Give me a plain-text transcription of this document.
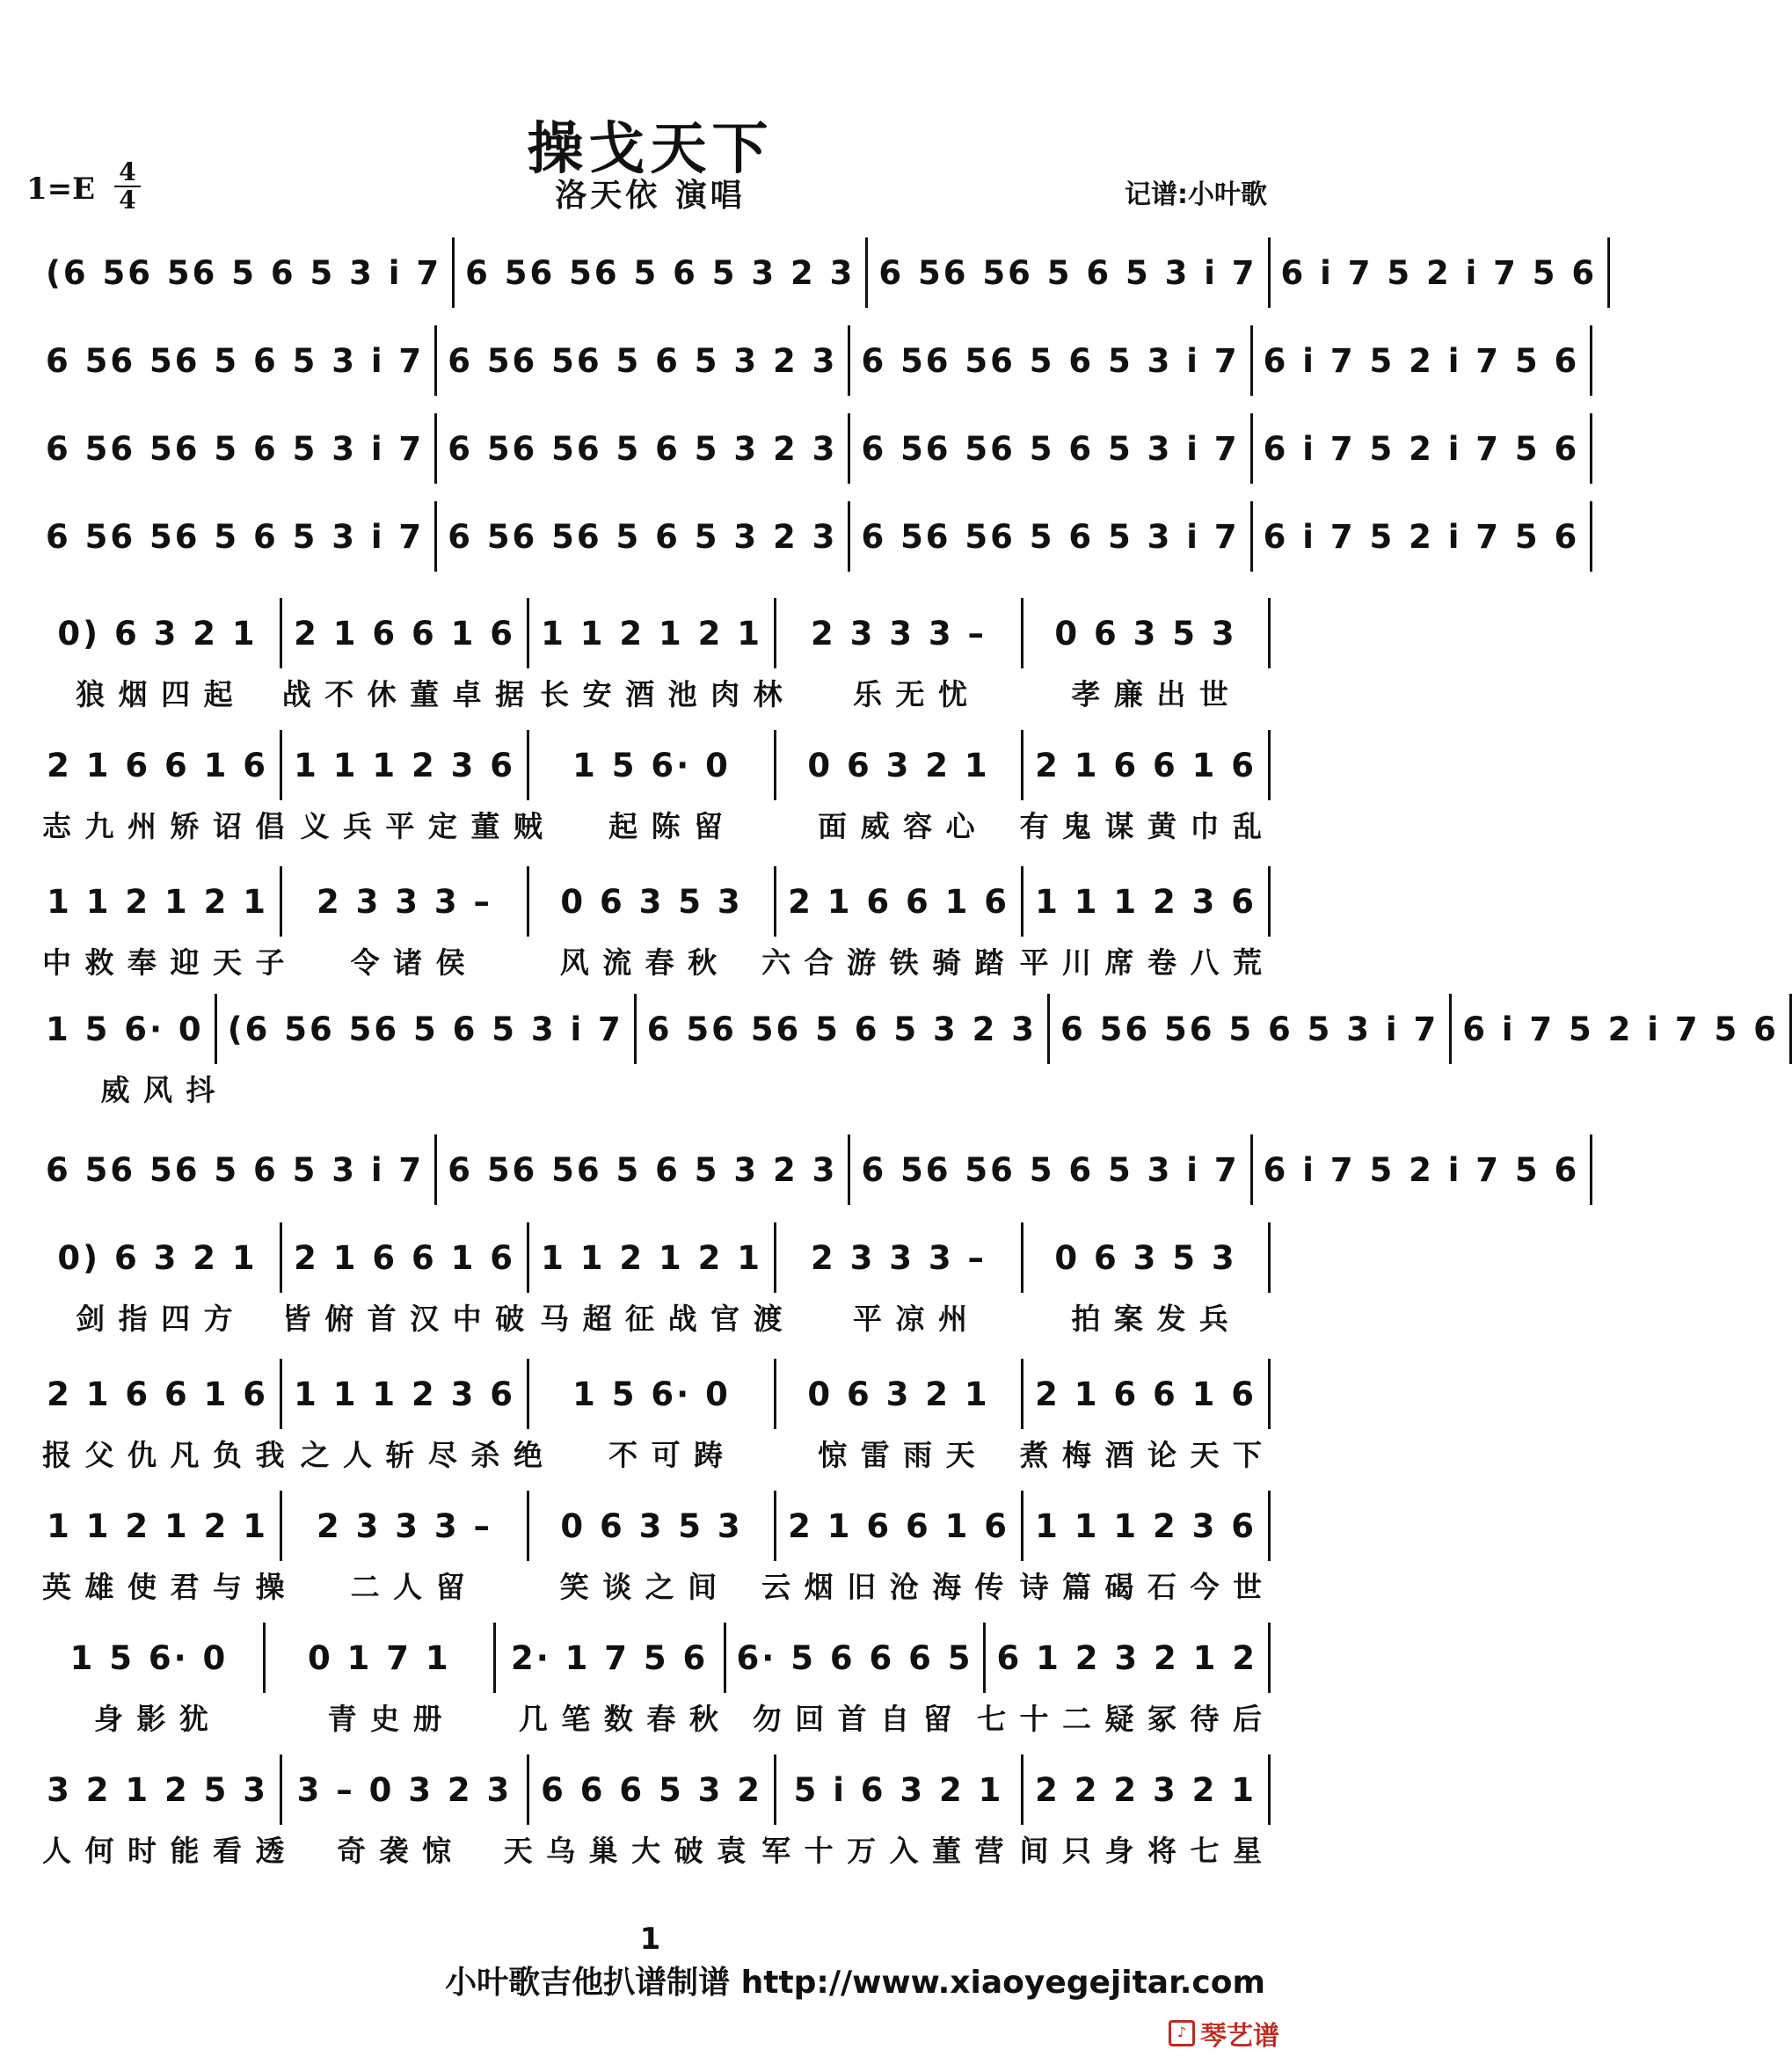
操戈天下
1=E 4
4	洛天依 演唱	记谱:小叶歌
(6 56 56 5 6 5 3 i 7 6 56 56 5 6 5 3 2 3 6 56 56 5 6 5 3 i 7 6 i 7 5 2 i 7 5 6
6 56 56 5 6 5 3 i 7 6 56 56 5 6 5 3 2 3 6 56 56 5 6 5 3 i 7 6 i 7 5 2 i 7 5 6
6 56 56 5 6 5 3 i 7 6 56 56 5 6 5 3 2 3 6 56 56 5 6 5 3 i 7 6 i 7 5 2 i 7 5 6
6 56 56 5 6 5 3 i 7 6 56 56 5 6 5 3 2 3 6 56 56 5 6 5 3 i 7 6 i 7 5 2 i 7 5 6
0) 6 3 2 1 2 1 6 6 1 6 1 1 2 1 2 1 2 3 3 3 – 0 6 3 5 3
狼 烟 四 起	战 不 休 董 卓 据 长 安 酒 池 肉 林	乐 无 忧	孝 廉 出 世
2 1 6 6 1 6 1 1 1 2 3 6 1 5 6· 0 0 6 3 2 1 2 1 6 6 1 6
志 九 州 矫 诏 倡 义 兵 平 定 董 贼	起 陈 留	面 威 容 心	有 鬼 谋 黄 巾 乱
1 1 2 1 2 1 2 3 3 3 – 0 6 3 5 3 2 1 6 6 1 6 1 1 1 2 3 6
中 救 奉 迎 天 子	令 诸 侯	风 流 春 秋	六 合 游 铁 骑 踏 平 川 席 卷 八 荒
1 5 6· 0 (6 56 56 5 6 5 3 i 7 6 56 56 5 6 5 3 2 3 6 56 56 5 6 5 3 i 7 6 i 7 5 2 i 7 5 6
威 风 抖
6 56 56 5 6 5 3 i 7 6 56 56 5 6 5 3 2 3 6 56 56 5 6 5 3 i 7 6 i 7 5 2 i 7 5 6
0) 6 3 2 1 2 1 6 6 1 6 1 1 2 1 2 1 2 3 3 3 – 0 6 3 5 3
剑 指 四 方	皆 俯 首 汉 中 破 马 超 征 战 官 渡	平 凉 州	拍 案 发 兵
2 1 6 6 1 6 1 1 1 2 3 6 1 5 6· 0 0 6 3 2 1 2 1 6 6 1 6
报 父 仇 凡 负 我 之 人 斩 尽 杀 绝	不 可 踌	惊 雷 雨 天	煮 梅 酒 论 天 下
1 1 2 1 2 1 2 3 3 3 – 0 6 3 5 3 2 1 6 6 1 6 1 1 1 2 3 6
英 雄 使 君 与 操	二 人 留	笑 谈 之 间	云 烟 旧 沧 海 传 诗 篇 碣 石 今 世
1 5 6· 0 0 1 7 1 2· 1 7 5 6 6· 5 6 6 6 5 6 1 2 3 2 1 2
身 影 犹	青 史 册	几 笔 数 春 秋	勿 回 首 自 留 七 十 二 疑 冢 待 后
3 2 1 2 5 3 3 – 0 3 2 3 6 6 6 5 3 2 5 i 6 3 2 1 2 2 2 3 2 1
人 何 时 能 看 透	奇 袭 惊	天 乌 巢 大 破 袁 军 十 万 入 董 营 间 只 身 将 七 星
1
小叶歌吉他扒谱制谱 http://www.xiaoyegejitar.com
♪ 琴艺谱
